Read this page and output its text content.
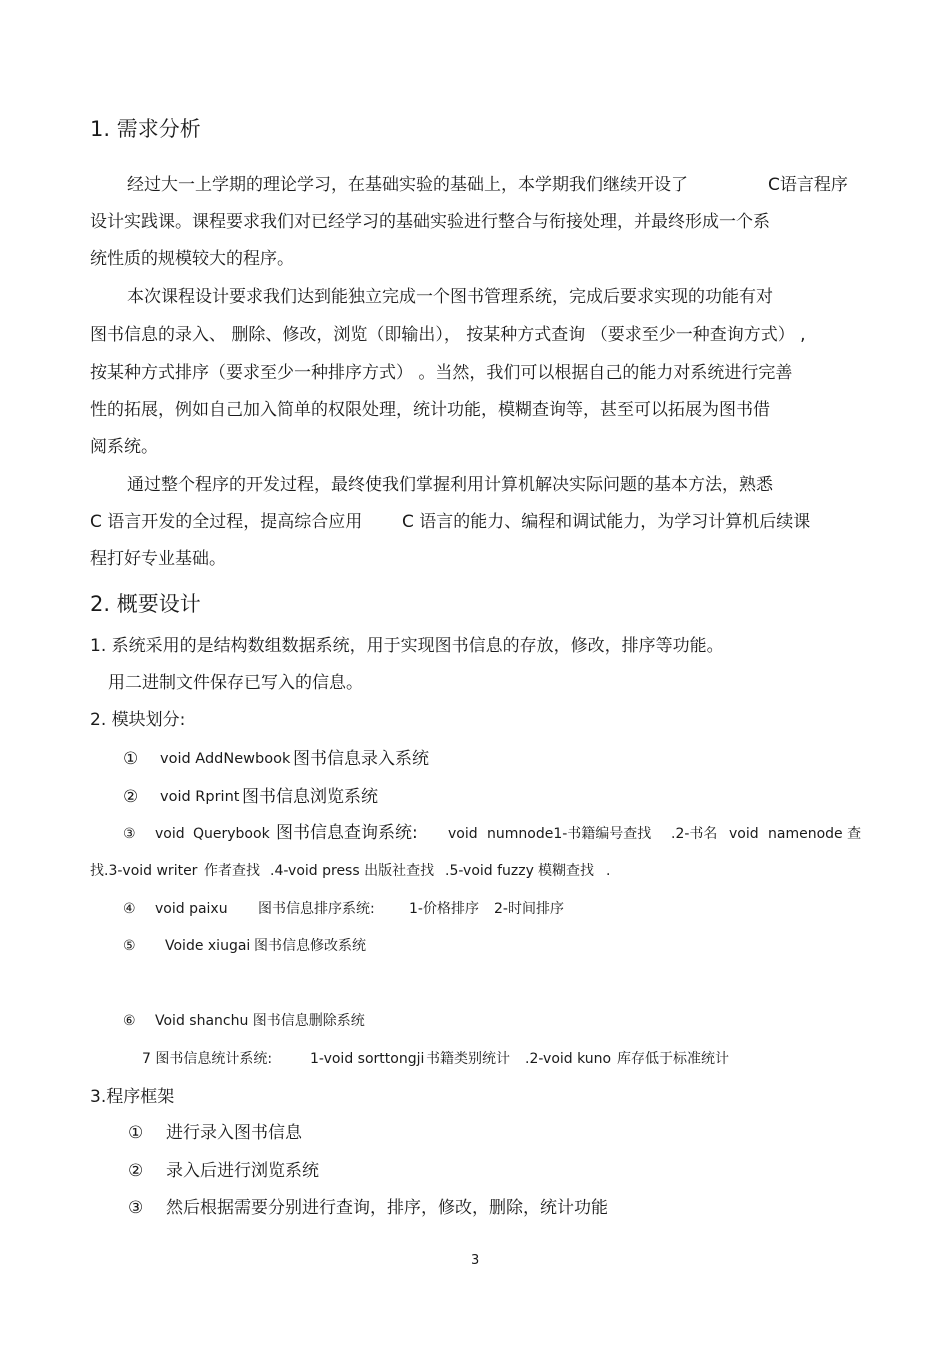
1. 需求分析
经过大一上学期的理论学习，在基础实验的基础上，本学期我们继续开设了	C语言程序
设计实践课。课程要求我们对已经学习的基础实验进行整合与衔接处理，并最终形成一个系
统性质的规模较大的程序。
本次课程设计要求我们达到能独立完成一个图书管理系统，完成后要求实现的功能有对
图书信息的录入、 删除、修改，浏览（即输出）， 按某种方式查询 （要求至少一种查询方式） ,
按某种方式排序（要求至少一种排序方式） 。当然，我们可以根据自己的能力对系统进行完善
性的拓展，例如自己加入简单的权限处理，统计功能，模糊查询等，甚至可以拓展为图书借
阅系统。
通过整个程序的开发过程，最终使我们掌握利用计算机解决实际问题的基本方法，熟悉
C 语言开发的全过程，提高综合应用 C 语言的能力、编程和调试能力，为学习计算机后续课
程打好专业基础。
2. 概要设计
1. 系统采用的是结构数组数据系统，用于实现图书信息的存放，修改，排序等功能。
用二进制文件保存已写入的信息。
2. 模块划分:
① void AddNewbook 图书信息录入系统
② void Rprint 图书信息浏览系统
③ void Querybook 图书信息查询系统: void numnode1-书籍编号查找 .2-书名 void namenode 查
找.3-void writer 作者查找 .4-void press 出版社查找 .5-void fuzzy 模糊查找 .
④ void paixu 图书信息排序系统: 1-价格排序 2-时间排序
⑤ Voide xiugai 图书信息修改系统
⑥ Void shanchu 图书信息删除系统
7 图书信息统计系统:	1-void sorttongji 书籍类别统计 .2-void kuno 库存低于标准统计
3.程序框架
① 进行录入图书信息
② 录入后进行浏览系统
③ 然后根据需要分别进行查询，排序，修改，删除，统计功能
3
